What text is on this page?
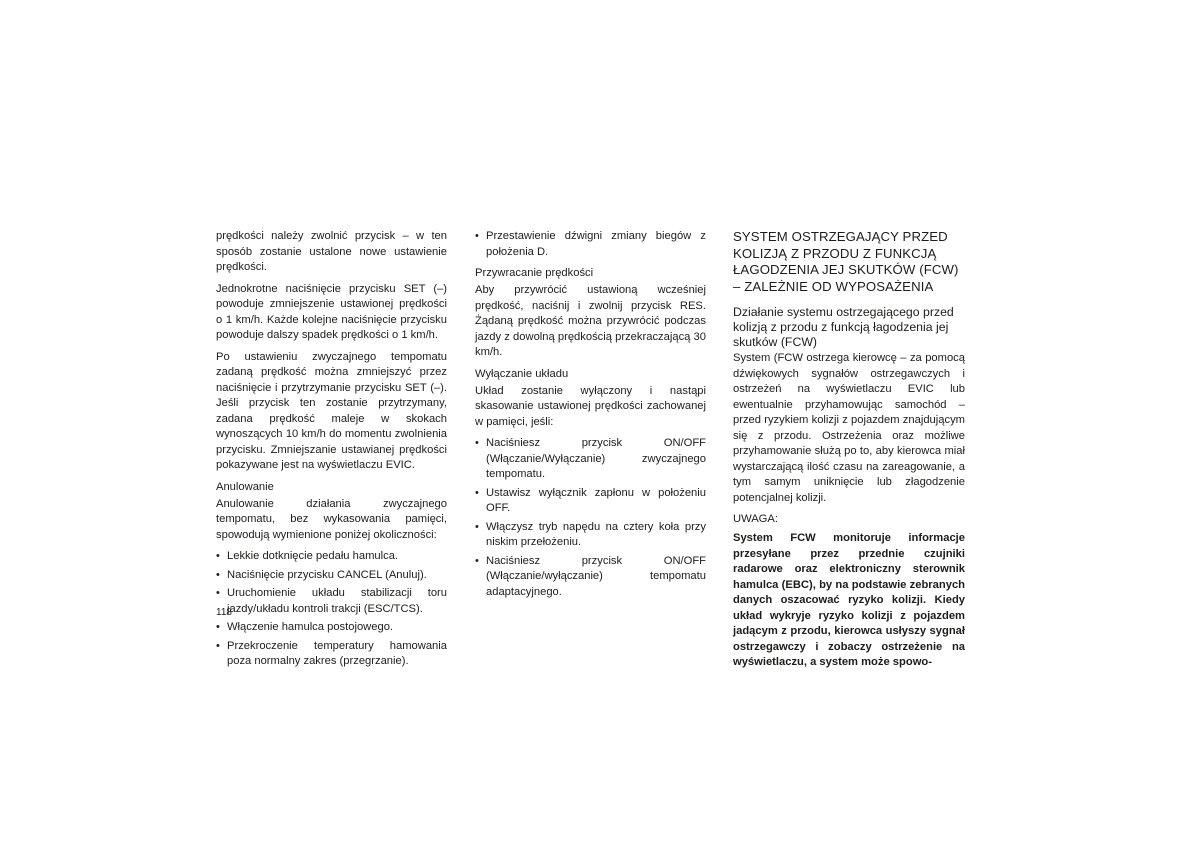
prędkości należy zwolnić przycisk – w ten sposób zostanie ustalone nowe ustawienie prędkości.

Jednokrotne naciśnięcie przycisku SET (–) powoduje zmniejszenie ustawionej prędkości o 1 km/h. Każde kolejne naciśnięcie przycisku powoduje dalszy spadek prędkości o 1 km/h.

Po ustawieniu zwyczajnego tempomatu zadaną prędkość można zmniejszyć przez naciśnięcie i przytrzymanie przycisku SET (–). Jeśli przycisk ten zostanie przytrzymany, zadana prędkość maleje w skokach wynoszących 10 km/h do momentu zwolnienia przycisku. Zmniejszanie ustawianej prędkości pokazywane jest na wyświetlaczu EVIC.

Anulowanie

Anulowanie działania zwyczajnego tempomatu, bez wykasowania pamięci, spowodują wymienione poniżej okoliczności:

• Lekkie dotknięcie pedału hamulca.
• Naciśnięcie przycisku CANCEL (Anuluj).
• Uruchomienie układu stabilizacji toru jazdy/układu kontroli trakcji (ESC/TCS).
• Włączenie hamulca postojowego.
• Przekroczenie temperatury hamowania poza normalny zakres (przegrzanie).
• Przestawienie dźwigni zmiany biegów z położenia D.
Przywracanie prędkości

Aby przywrócić ustawioną wcześniej prędkość, naciśnij i zwolnij przycisk RES. Żądaną prędkość można przywrócić podczas jazdy z dowolną prędkością przekraczającą 30 km/h.

Wyłączanie układu

Układ zostanie wyłączony i nastąpi skasowanie ustawionej prędkości zachowanej w pamięci, jeśli:

• Naciśniesz przycisk ON/OFF (Włączanie/Wyłączanie) zwyczajnego tempomatu.
• Ustawisz wyłącznik zapłonu w położeniu OFF.
• Włączysz tryb napędu na cztery koła przy niskim przełożeniu.
• Naciśniesz przycisk ON/OFF (Włączanie/wyłączanie) tempomatu adaptacyjnego.
SYSTEM OSTRZEGAJĄCY PRZED KOLIZJĄ Z PRZODU Z FUNKCJĄ ŁAGODZENIA JEJ SKUTKÓW (FCW) – ZALEŻNIE OD WYPOSAŻENIA
Działanie systemu ostrzegającego przed kolizją z przodu z funkcją łagodzenia jej skutków (FCW)

System (FCW ostrzega kierowcę – za pomocą dźwiękowych sygnałów ostrzegawczych i ostrzeżeń na wyświetlaczu EVIC lub ewentualnie przyhamowując samochód – przed ryzykiem kolizji z pojazdem znajdującym się z przodu. Ostrzeżenia oraz możliwe przyhamowanie służą po to, aby kierowca miał wystarczającą ilość czasu na zareagowanie, a tym samym uniknięcie lub złagodzenie potencjalnej kolizji.

UWAGA:

System FCW monitoruje informacje przesyłane przez przednie czujniki radarowe oraz elektroniczny sterownik hamulca (EBC), by na podstawie zebranych danych oszacować ryzyko kolizji. Kiedy układ wykryje ryzyko kolizji z pojazdem jadącym z przodu, kierowca usłyszy sygnał ostrzegawczy i zobaczy ostrzeżenie na wyświetlaczu, a system może spowo-

118
